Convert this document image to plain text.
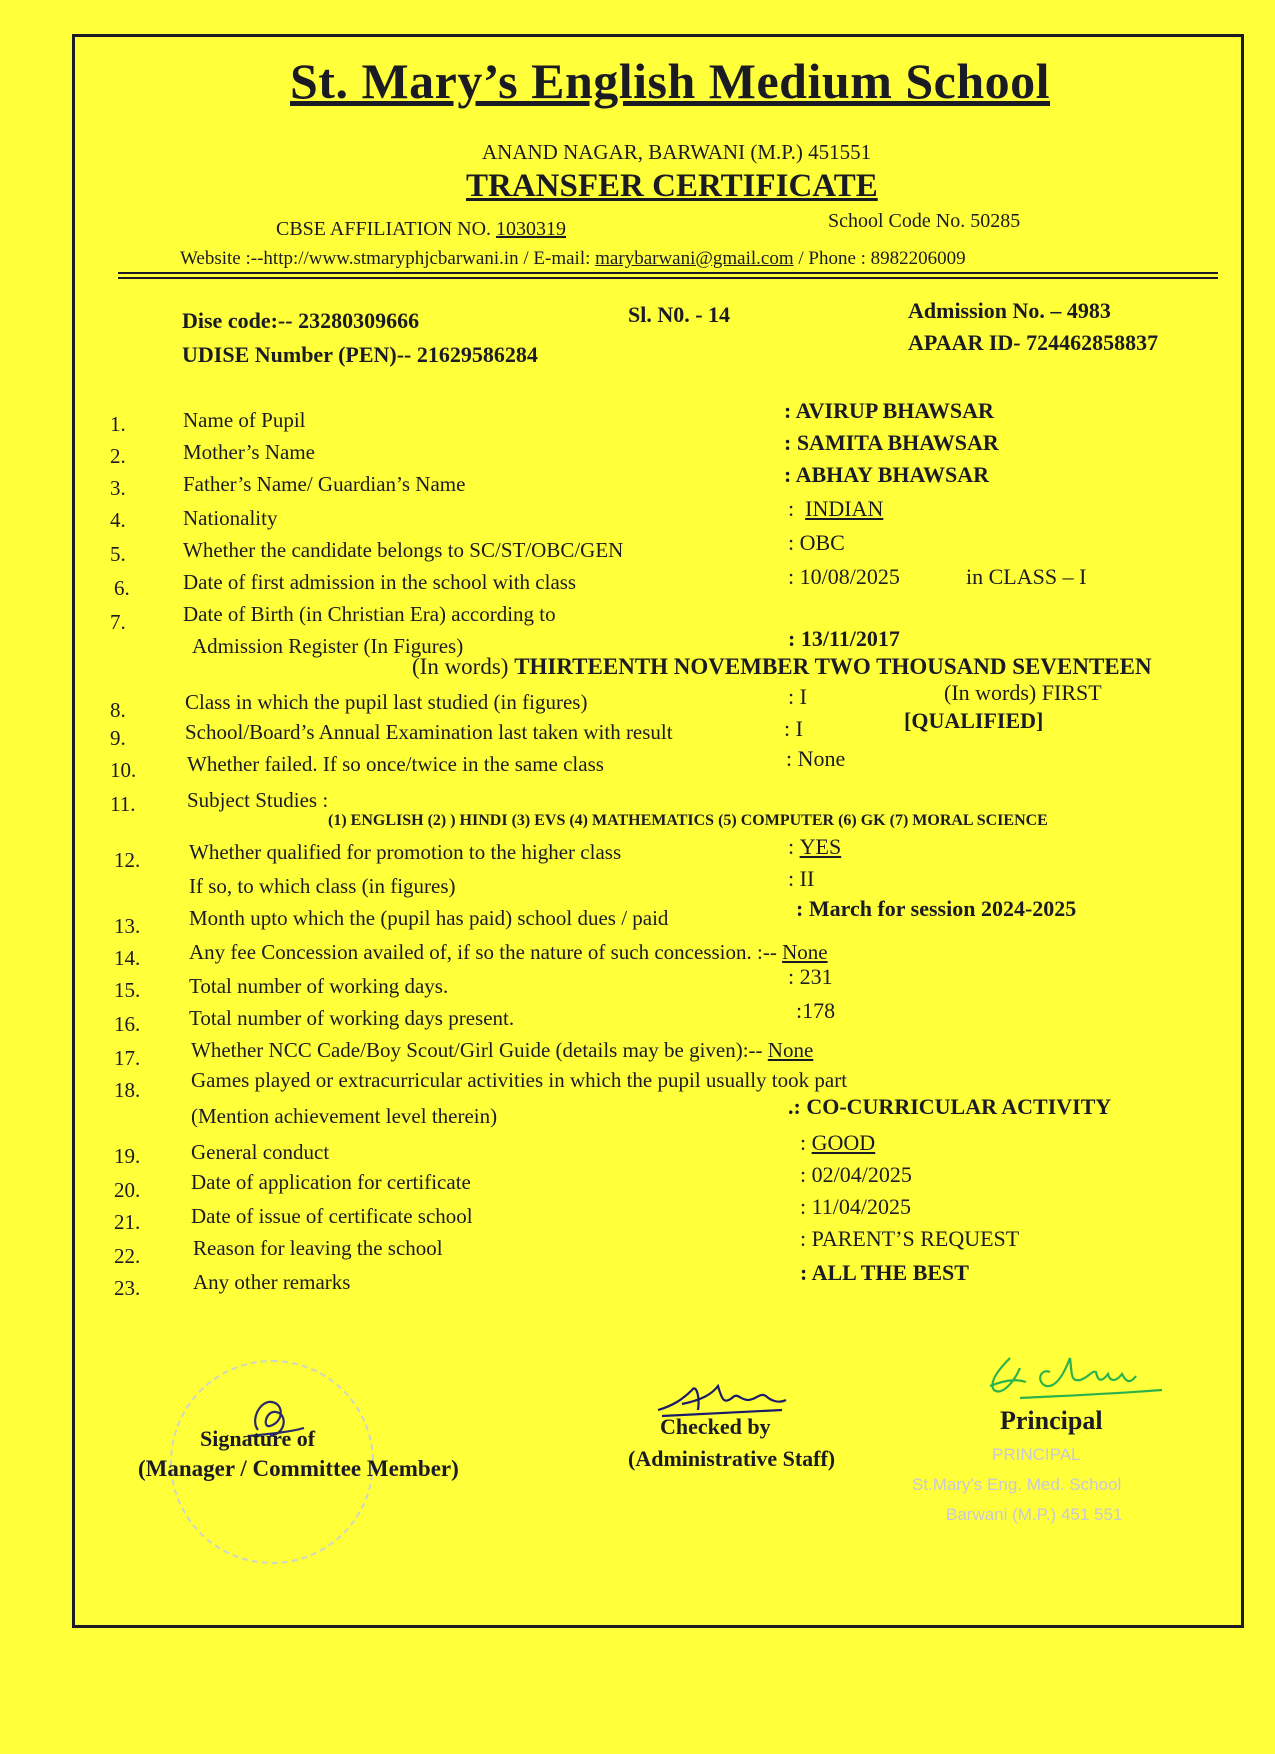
St. Mary’s English Medium School
ANAND NAGAR, BARWANI (M.P.) 451551
TRANSFER CERTIFICATE
CBSE AFFILIATION NO. 1030319	School Code No. 50285
Website :--http://www.stmaryphjcbarwani.in / E-mail: marybarwani@gmail.com / Phone : 8982206009
Dise code:-- 23280309666
UDISE Number (PEN)-- 21629586284
Sl. N0. - 14	Admission No. – 4983
APAAR ID- 724462858837
1.	Name of Pupil	: AVIRUP BHAWSAR
2.	Mother’s Name	: SAMITA BHAWSAR
3.	Father’s Name/ Guardian’s Name	: ABHAY BHAWSAR
4.	Nationality	: INDIAN
5.	Whether the candidate belongs to SC/ST/OBC/GEN	: OBC
6.	Date of first admission in the school with class	: 10/08/2025	in CLASS – I
7.	Date of Birth (in Christian Era) according to
Admission Register (In Figures)	: 13/11/2017
(In words) THIRTEENTH NOVEMBER TWO THOUSAND SEVENTEEN
8.	Class in which the pupil last studied (in figures)	: I	(In words) FIRST
9.	School/Board’s Annual Examination last taken with result	: I	[QUALIFIED]
10. Whether failed. If so once/twice in the same class	: None
11. Subject Studies :
(1) ENGLISH (2) ) HINDI (3) EVS (4) MATHEMATICS (5) COMPUTER (6) GK (7) MORAL SCIENCE
12. Whether qualified for promotion to the higher class	: YES
If so, to which class (in figures)	: II
13. Month upto which the (pupil has paid) school dues / paid	: March for session 2024-2025
14. Any fee Concession availed of, if so the nature of such concession. :-- None
15. Total number of working days.	: 231
16. Total number of working days present.	:178
17. Whether NCC Cade/Boy Scout/Girl Guide (details may be given):-- None
18. Games played or extracurricular activities in which the pupil usually took part
(Mention achievement level therein)	.: CO-CURRICULAR ACTIVITY
19. General conduct	: GOOD
20. Date of application for certificate	: 02/04/2025
21. Date of issue of certificate school	: 11/04/2025
22.	Reason for leaving the school	: PARENT’S REQUEST
23.	Any other remarks	: ALL THE BEST
Signature of
(Manager / Committee Member)
Checked by
(Administrative Staff)
Principal
PRINCIPAL
St.Mary's Eng. Med. School
Barwani (M.P.) 451 551
